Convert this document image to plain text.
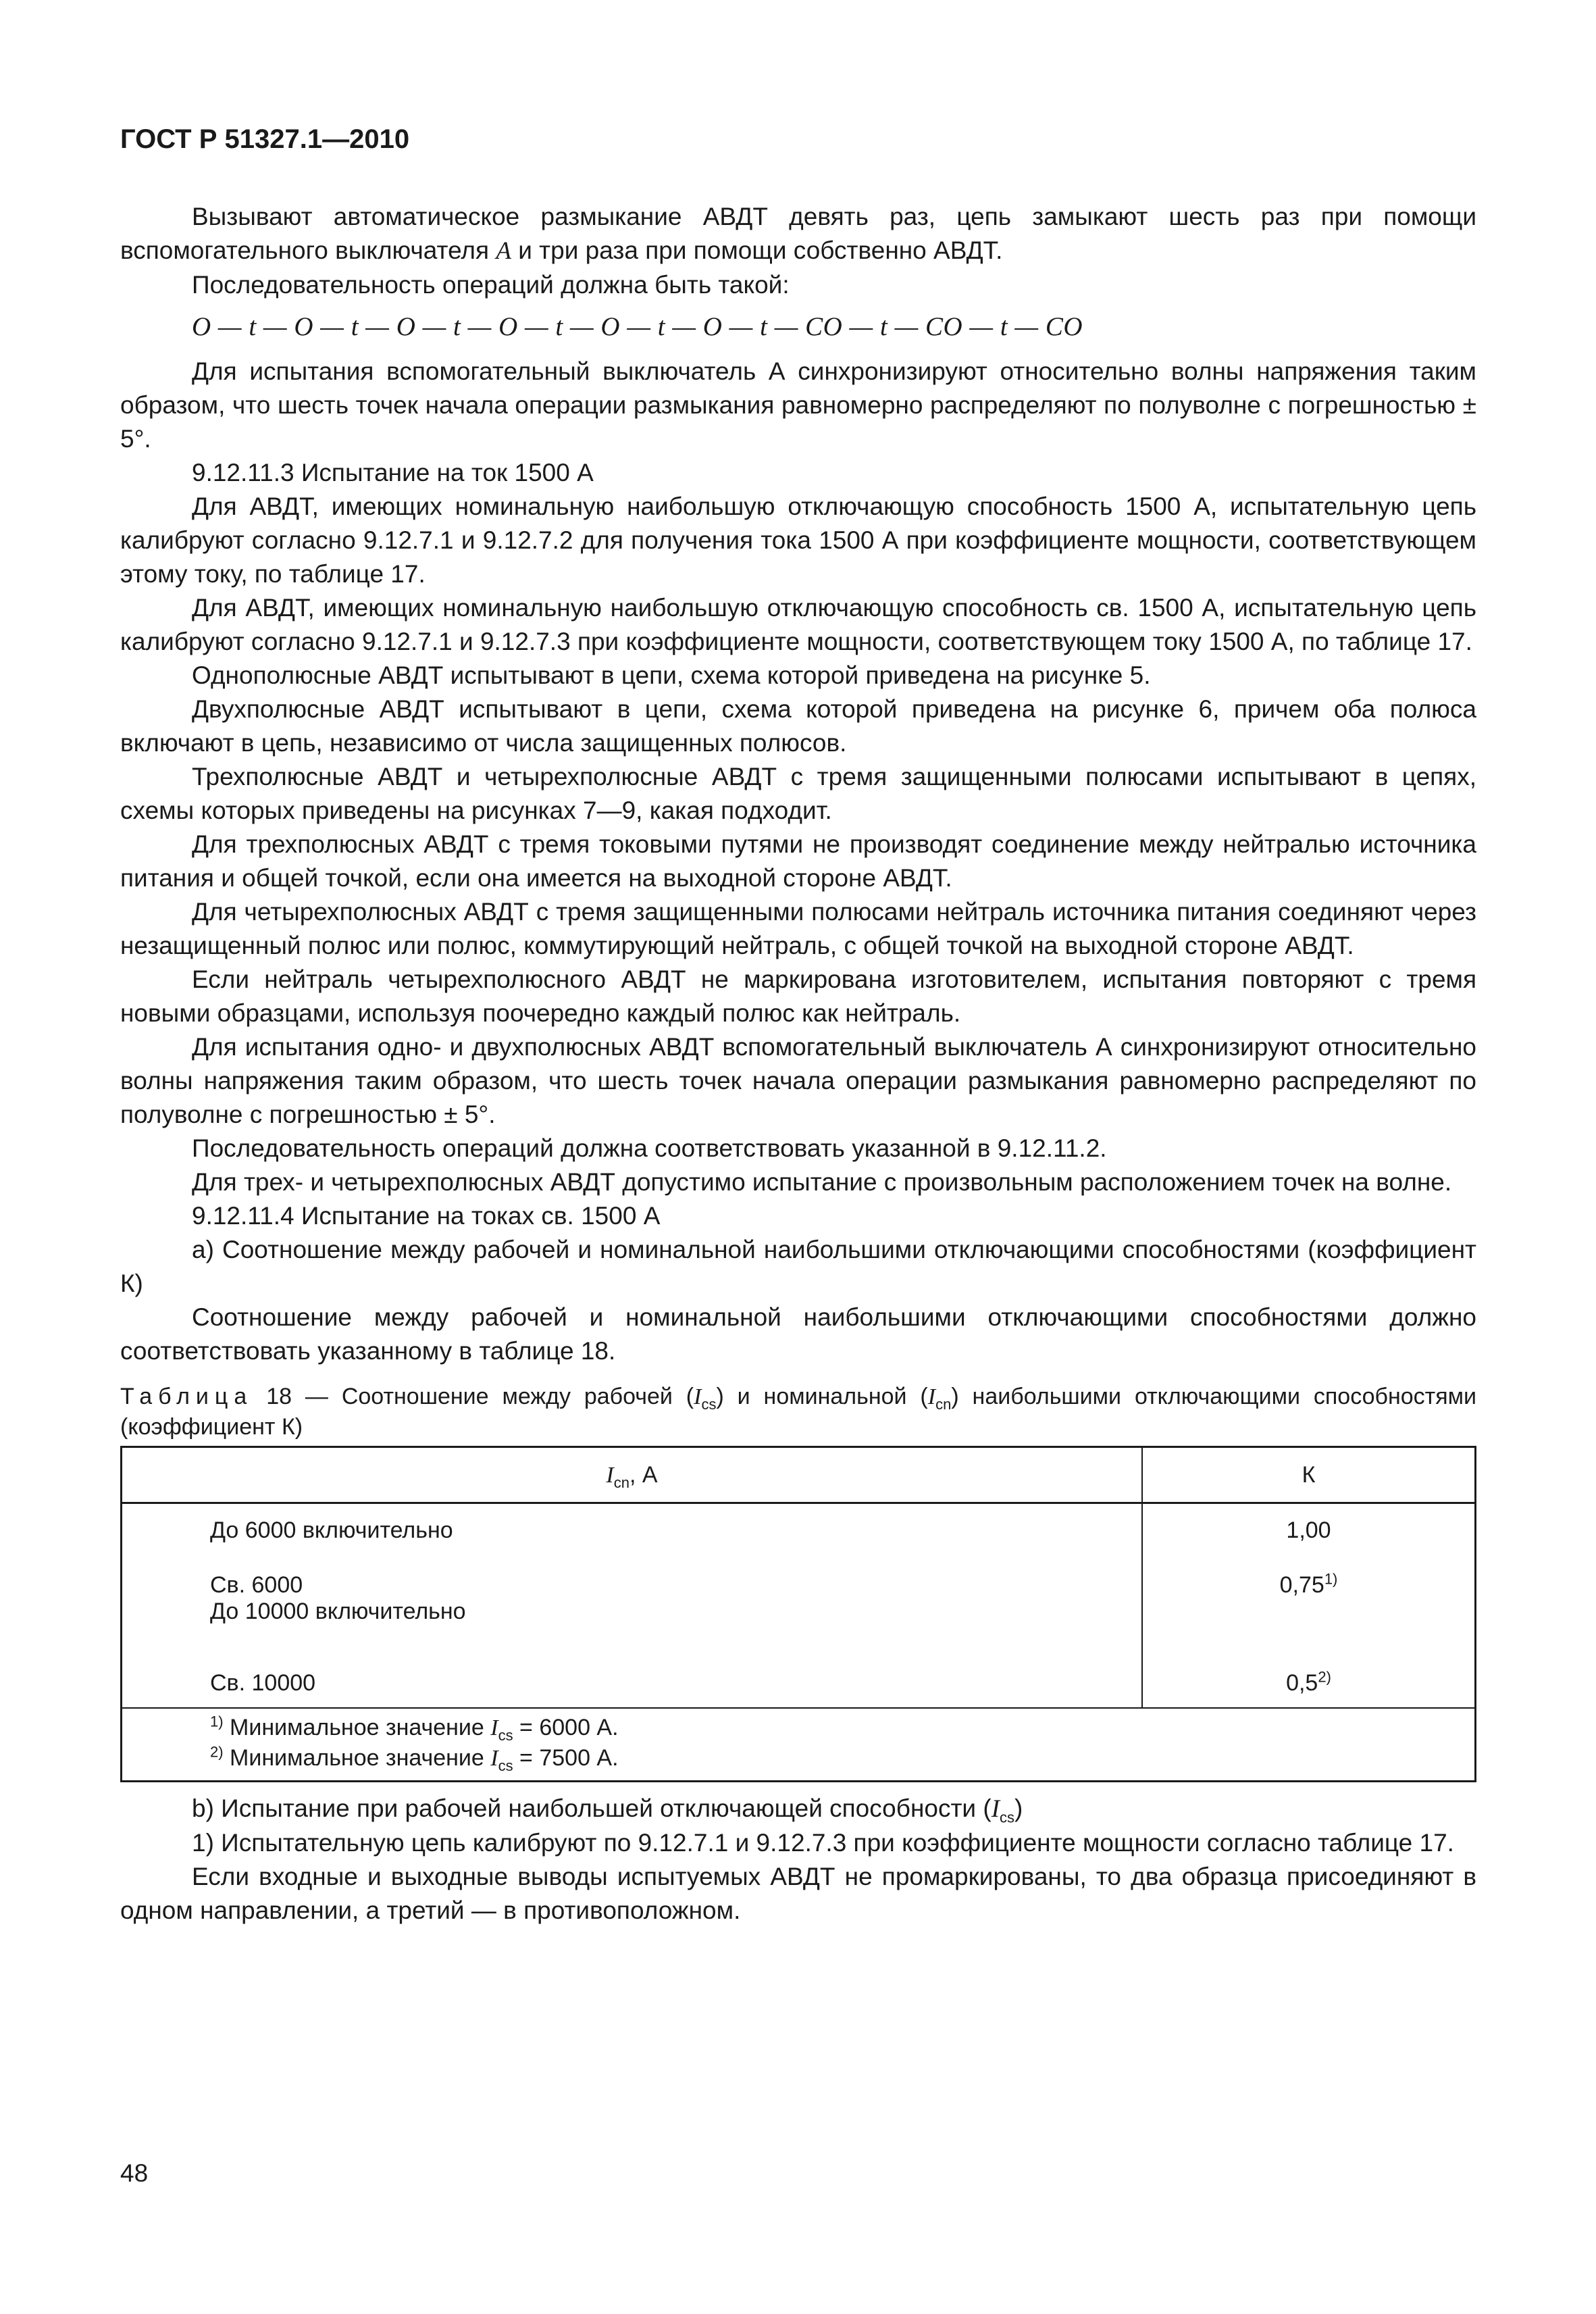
ГОСТ Р 51327.1—2010

Вызывают автоматическое размыкание АВДТ девять раз, цепь замыкают шесть раз при помощи вспомогательного выключателя A и три раза при помощи собственно АВДТ.

Последовательность операций должна быть такой:

O — t — O — t — O — t — O — t — O — t — O — t — CO — t — CO — t — CO

Для испытания вспомогательный выключатель А синхронизируют относительно волны напряжения таким образом, что шесть точек начала операции размыкания равномерно распределяют по полуволне с погрешностью ± 5°.

9.12.11.3 Испытание на ток 1500 А

Для АВДТ, имеющих номинальную наибольшую отключающую способность 1500 А, испытательную цепь калибруют согласно 9.12.7.1 и 9.12.7.2 для получения тока 1500 А при коэффициенте мощности, соответствующем этому току, по таблице 17.

Для АВДТ, имеющих номинальную наибольшую отключающую способность св. 1500 А, испытательную цепь калибруют согласно 9.12.7.1 и 9.12.7.3 при коэффициенте мощности, соответствующем току 1500 А, по таблице 17.

Однополюсные АВДТ испытывают в цепи, схема которой приведена на рисунке 5.

Двухполюсные АВДТ испытывают в цепи, схема которой приведена на рисунке 6, причем оба полюса включают в цепь, независимо от числа защищенных полюсов.

Трехполюсные АВДТ и четырехполюсные АВДТ с тремя защищенными полюсами испытывают в цепях, схемы которых приведены на рисунках 7—9, какая подходит.

Для трехполюсных АВДТ с тремя токовыми путями не производят соединение между нейтралью источника питания и общей точкой, если она имеется на выходной стороне АВДТ.

Для четырехполюсных АВДТ с тремя защищенными полюсами нейтраль источника питания соединяют через незащищенный полюс или полюс, коммутирующий нейтраль, с общей точкой на выходной стороне АВДТ.

Если нейтраль четырехполюсного АВДТ не маркирована изготовителем, испытания повторяют с тремя новыми образцами, используя поочередно каждый полюс как нейтраль.

Для испытания одно- и двухполюсных АВДТ вспомогательный выключатель А синхронизируют относительно волны напряжения таким образом, что шесть точек начала операции размыкания равномерно распределяют по полуволне с погрешностью ± 5°.

Последовательность операций должна соответствовать указанной в 9.12.11.2.

Для трех- и четырехполюсных АВДТ допустимо испытание с произвольным расположением точек на волне.

9.12.11.4 Испытание на токах св. 1500 А

а) Соотношение между рабочей и номинальной наибольшими отключающими способностями (коэффициент К)

Соотношение между рабочей и номинальной наибольшими отключающими способностями должно соответствовать указанному в таблице 18.

Таблица 18 — Соотношение между рабочей $(I_{cs})$ и номинальной $(I_{cn})$ наибольшими отключающими способностями (коэффициент К)
$I_{cn}$, А	К

До 6000 включительно	1,00

Св. 6000
До 10000 включительно	0,75$^{1)}$

Св. 10000	0,5$^{2)}$

$^{1)}$ Минимальное значение $I_{cs} = 6000$ А.
$^{2)}$ Минимальное значение $I_{cs} = 7500$ А.	

b) Испытание при рабочей наибольшей отключающей способности $(I_{cs})$

1) Испытательную цепь калибруют по 9.12.7.1 и 9.12.7.3 при коэффициенте мощности согласно таблице 17.

Если входные и выходные выводы испытуемых АВДТ не промаркированы, то два образца присоединяют в одном направлении, а третий — в противоположном.

48
